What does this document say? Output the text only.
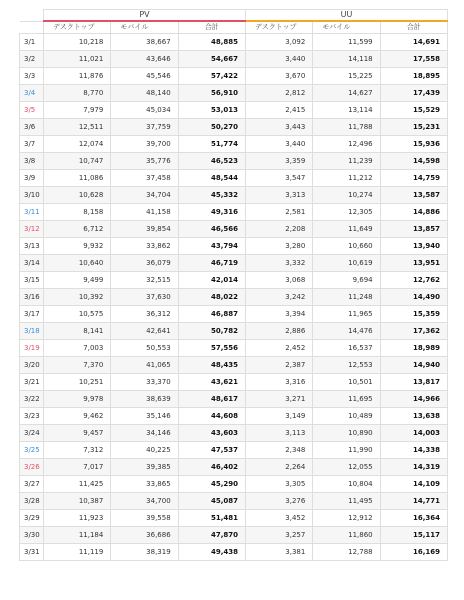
	PV			UU		
	デスクトップ	モバイル	合計	デスクトップ	モバイル	合計
3/1	10,218	38,667	48,885	3,092	11,599	14,691
3/2	11,021	43,646	54,667	3,440	14,118	17,558
3/3	11,876	45,546	57,422	3,670	15,225	18,895
3/4	8,770	48,140	56,910	2,812	14,627	17,439
3/5	7,979	45,034	53,013	2,415	13,114	15,529
3/6	12,511	37,759	50,270	3,443	11,788	15,231
3/7	12,074	39,700	51,774	3,440	12,496	15,936
3/8	10,747	35,776	46,523	3,359	11,239	14,598
3/9	11,086	37,458	48,544	3,547	11,212	14,759
3/10	10,628	34,704	45,332	3,313	10,274	13,587
3/11	8,158	41,158	49,316	2,581	12,305	14,886
3/12	6,712	39,854	46,566	2,208	11,649	13,857
3/13	9,932	33,862	43,794	3,280	10,660	13,940
3/14	10,640	36,079	46,719	3,332	10,619	13,951
3/15	9,499	32,515	42,014	3,068	9,694	12,762
3/16	10,392	37,630	48,022	3,242	11,248	14,490
3/17	10,575	36,312	46,887	3,394	11,965	15,359
3/18	8,141	42,641	50,782	2,886	14,476	17,362
3/19	7,003	50,553	57,556	2,452	16,537	18,989
3/20	7,370	41,065	48,435	2,387	12,553	14,940
3/21	10,251	33,370	43,621	3,316	10,501	13,817
3/22	9,978	38,639	48,617	3,271	11,695	14,966
3/23	9,462	35,146	44,608	3,149	10,489	13,638
3/24	9,457	34,146	43,603	3,113	10,890	14,003
3/25	7,312	40,225	47,537	2,348	11,990	14,338
3/26	7,017	39,385	46,402	2,264	12,055	14,319
3/27	11,425	33,865	45,290	3,305	10,804	14,109
3/28	10,387	34,700	45,087	3,276	11,495	14,771
3/29	11,923	39,558	51,481	3,452	12,912	16,364
3/30	11,184	36,686	47,870	3,257	11,860	15,117
3/31	11,119	38,319	49,438	3,381	12,788	16,169
